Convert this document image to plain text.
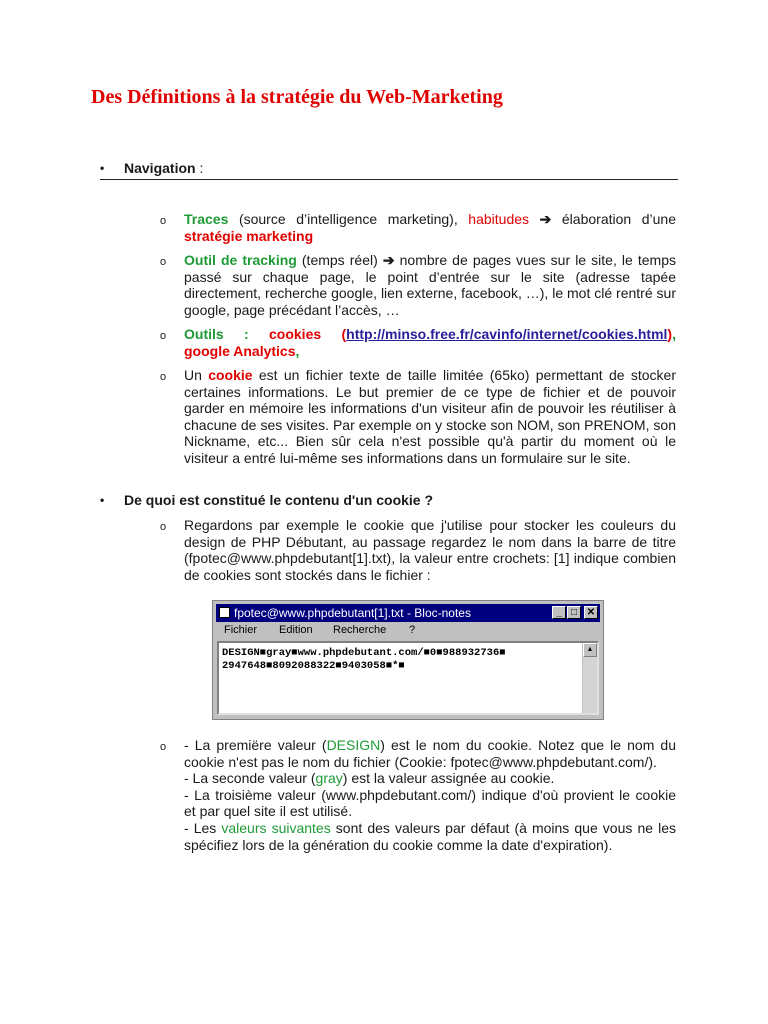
Des Définitions à la stratégie du Web-Marketing
• Navigation :
o Traces (source d’intelligence marketing), habitudes ➔ élaboration d’une stratégie marketing
o Outil de tracking (temps réel) ➔ nombre de pages vues sur le site, le temps passé sur chaque page, le point d’entrée sur le site (adresse tapée directement, recherche google, lien externe, facebook, …), le mot clé rentré sur google, page précédant l’accès, …
o Outils : cookies (http://minso.free.fr/cavinfo/internet/cookies.html), google Analytics,
o Un cookie est un fichier texte de taille limitée (65ko) permettant de stocker certaines informations. Le but premier de ce type de fichier et de pouvoir garder en mémoire les informations d'un visiteur afin de pouvoir les réutiliser à chacune de ses visites. Par exemple on y stocke son NOM, son PRENOM, son Nickname, etc... Bien sûr cela n'est possible qu'à partir du moment où le visiteur a entré lui-même ses informations dans un formulaire sur le site.
• De quoi est constitué le contenu d'un cookie ?
o Regardons par exemple le cookie que j'utilise pour stocker les couleurs du design de PHP Débutant, au passage regardez le nom dans la barre de titre (fpotec@www.phpdebutant[1].txt), la valeur entre crochets: [1] indique combien de cookies sont stockés dans le fichier :
fpotec@www.phpdebutant[1].txt - Bloc-notes	_ □ ✕
Fichier Edition Recherche ?
DESIGN■gray■www.phpdebutant.com/■0■988932736■
2947648■8092088322■9403058■*■
▲
o - La premiëre valeur (DESIGN) est le nom du cookie. Notez que le nom du cookie n'est pas le nom du fichier (Cookie: fpotec@www.phpdebutant.com/).
- La seconde valeur (gray) est la valeur assignée au cookie.
- La troisième valeur (www.phpdebutant.com/) indique d'où provient le cookie et par quel site il est utilisé.
- Les valeurs suivantes sont des valeurs par défaut (à moins que vous ne les spécifiez lors de la génération du cookie comme la date d'expiration).
